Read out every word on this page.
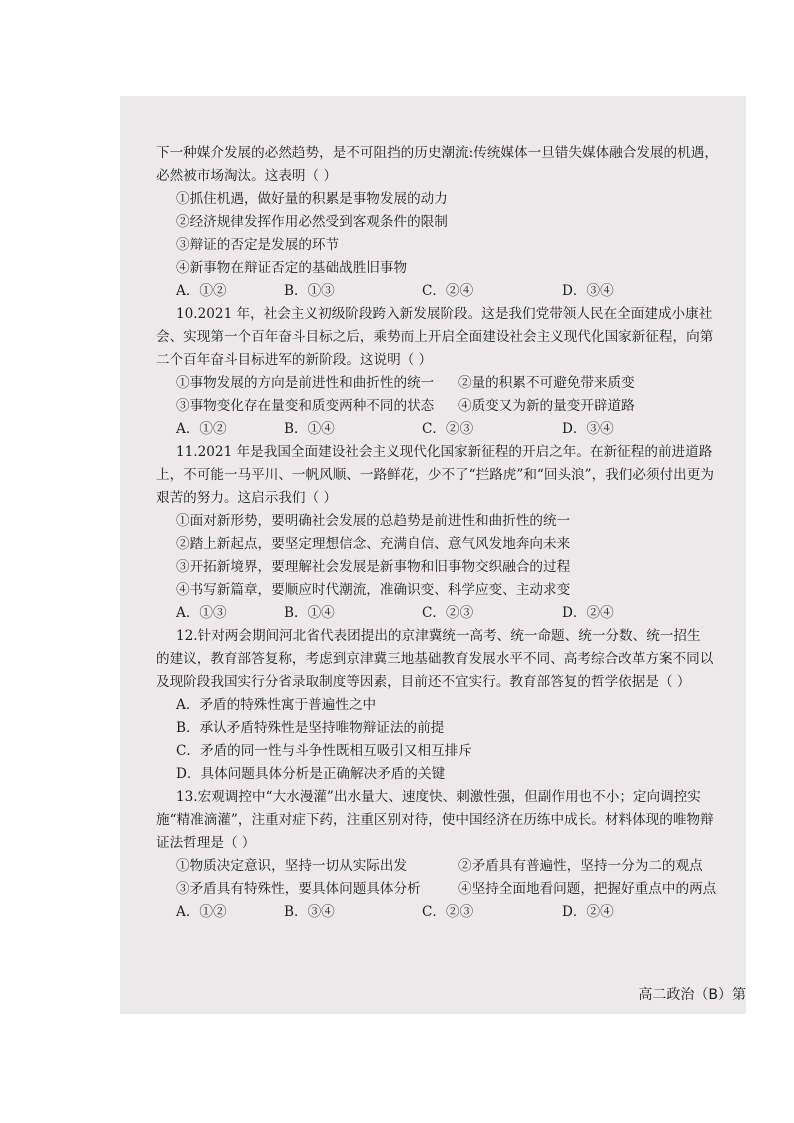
下一种媒介发展的必然趋势，是不可阻挡的历史潮流:传统媒体一旦错失媒体融合发展的机遇，
必然被市场淘汰。这表明（ ）
①抓住机遇，做好量的积累是事物发展的动力
②经济规律发挥作用必然受到客观条件的限制
③辩证的否定是发展的环节
④新事物在辩证否定的基础战胜旧事物
A．①②	B．①③	C．②④	D．③④
10.2021 年，社会主义初级阶段跨入新发展阶段。这是我们党带领人民在全面建成小康社
会、实现第一个百年奋斗目标之后，乘势而上开启全面建设社会主义现代化国家新征程，向第
二个百年奋斗目标进军的新阶段。这说明（ ）
①事物发展的方向是前进性和曲折性的统一	②量的积累不可避免带来质变
③事物变化存在量变和质变两种不同的状态	④质变又为新的量变开辟道路
A．①②	B．①④	C．②③	D．③④
11.2021 年是我国全面建设社会主义现代化国家新征程的开启之年。在新征程的前进道路
上，不可能一马平川、一帆风顺、一路鲜花，少不了“拦路虎”和“回头浪”，我们必须付出更为
艰苦的努力。这启示我们（ ）
①面对新形势，要明确社会发展的总趋势是前进性和曲折性的统一
②踏上新起点，要坚定理想信念、充满自信、意气风发地奔向未来
③开拓新境界，要理解社会发展是新事物和旧事物交织融合的过程
④书写新篇章，要顺应时代潮流，准确识变、科学应变、主动求变
A．①③	B．①④	C．②③	D．②④
12.针对两会期间河北省代表团提出的京津冀统一高考、统一命题、统一分数、统一招生
的建议，教育部答复称，考虑到京津冀三地基础教育发展水平不同、高考综合改革方案不同以
及现阶段我国实行分省录取制度等因素，目前还不宜实行。教育部答复的哲学依据是（ ）
A．矛盾的特殊性寓于普遍性之中
B．承认矛盾特殊性是坚持唯物辩证法的前提
C．矛盾的同一性与斗争性既相互吸引又相互排斥
D．具体问题具体分析是正确解决矛盾的关键
13.宏观调控中“大水漫灌”出水量大、速度快、刺激性强，但副作用也不小；定向调控实
施“精准滴灌”，注重对症下药，注重区别对待，使中国经济在历练中成长。材料体现的唯物辩
证法哲理是（ ）
①物质决定意识，坚持一切从实际出发	②矛盾具有普遍性，坚持一分为二的观点
③矛盾具有特殊性，要具体问题具体分析	④坚持全面地看问题，把握好重点中的两点
A．①②	B．③④	C．②③	D．②④
高二政治（B）第
